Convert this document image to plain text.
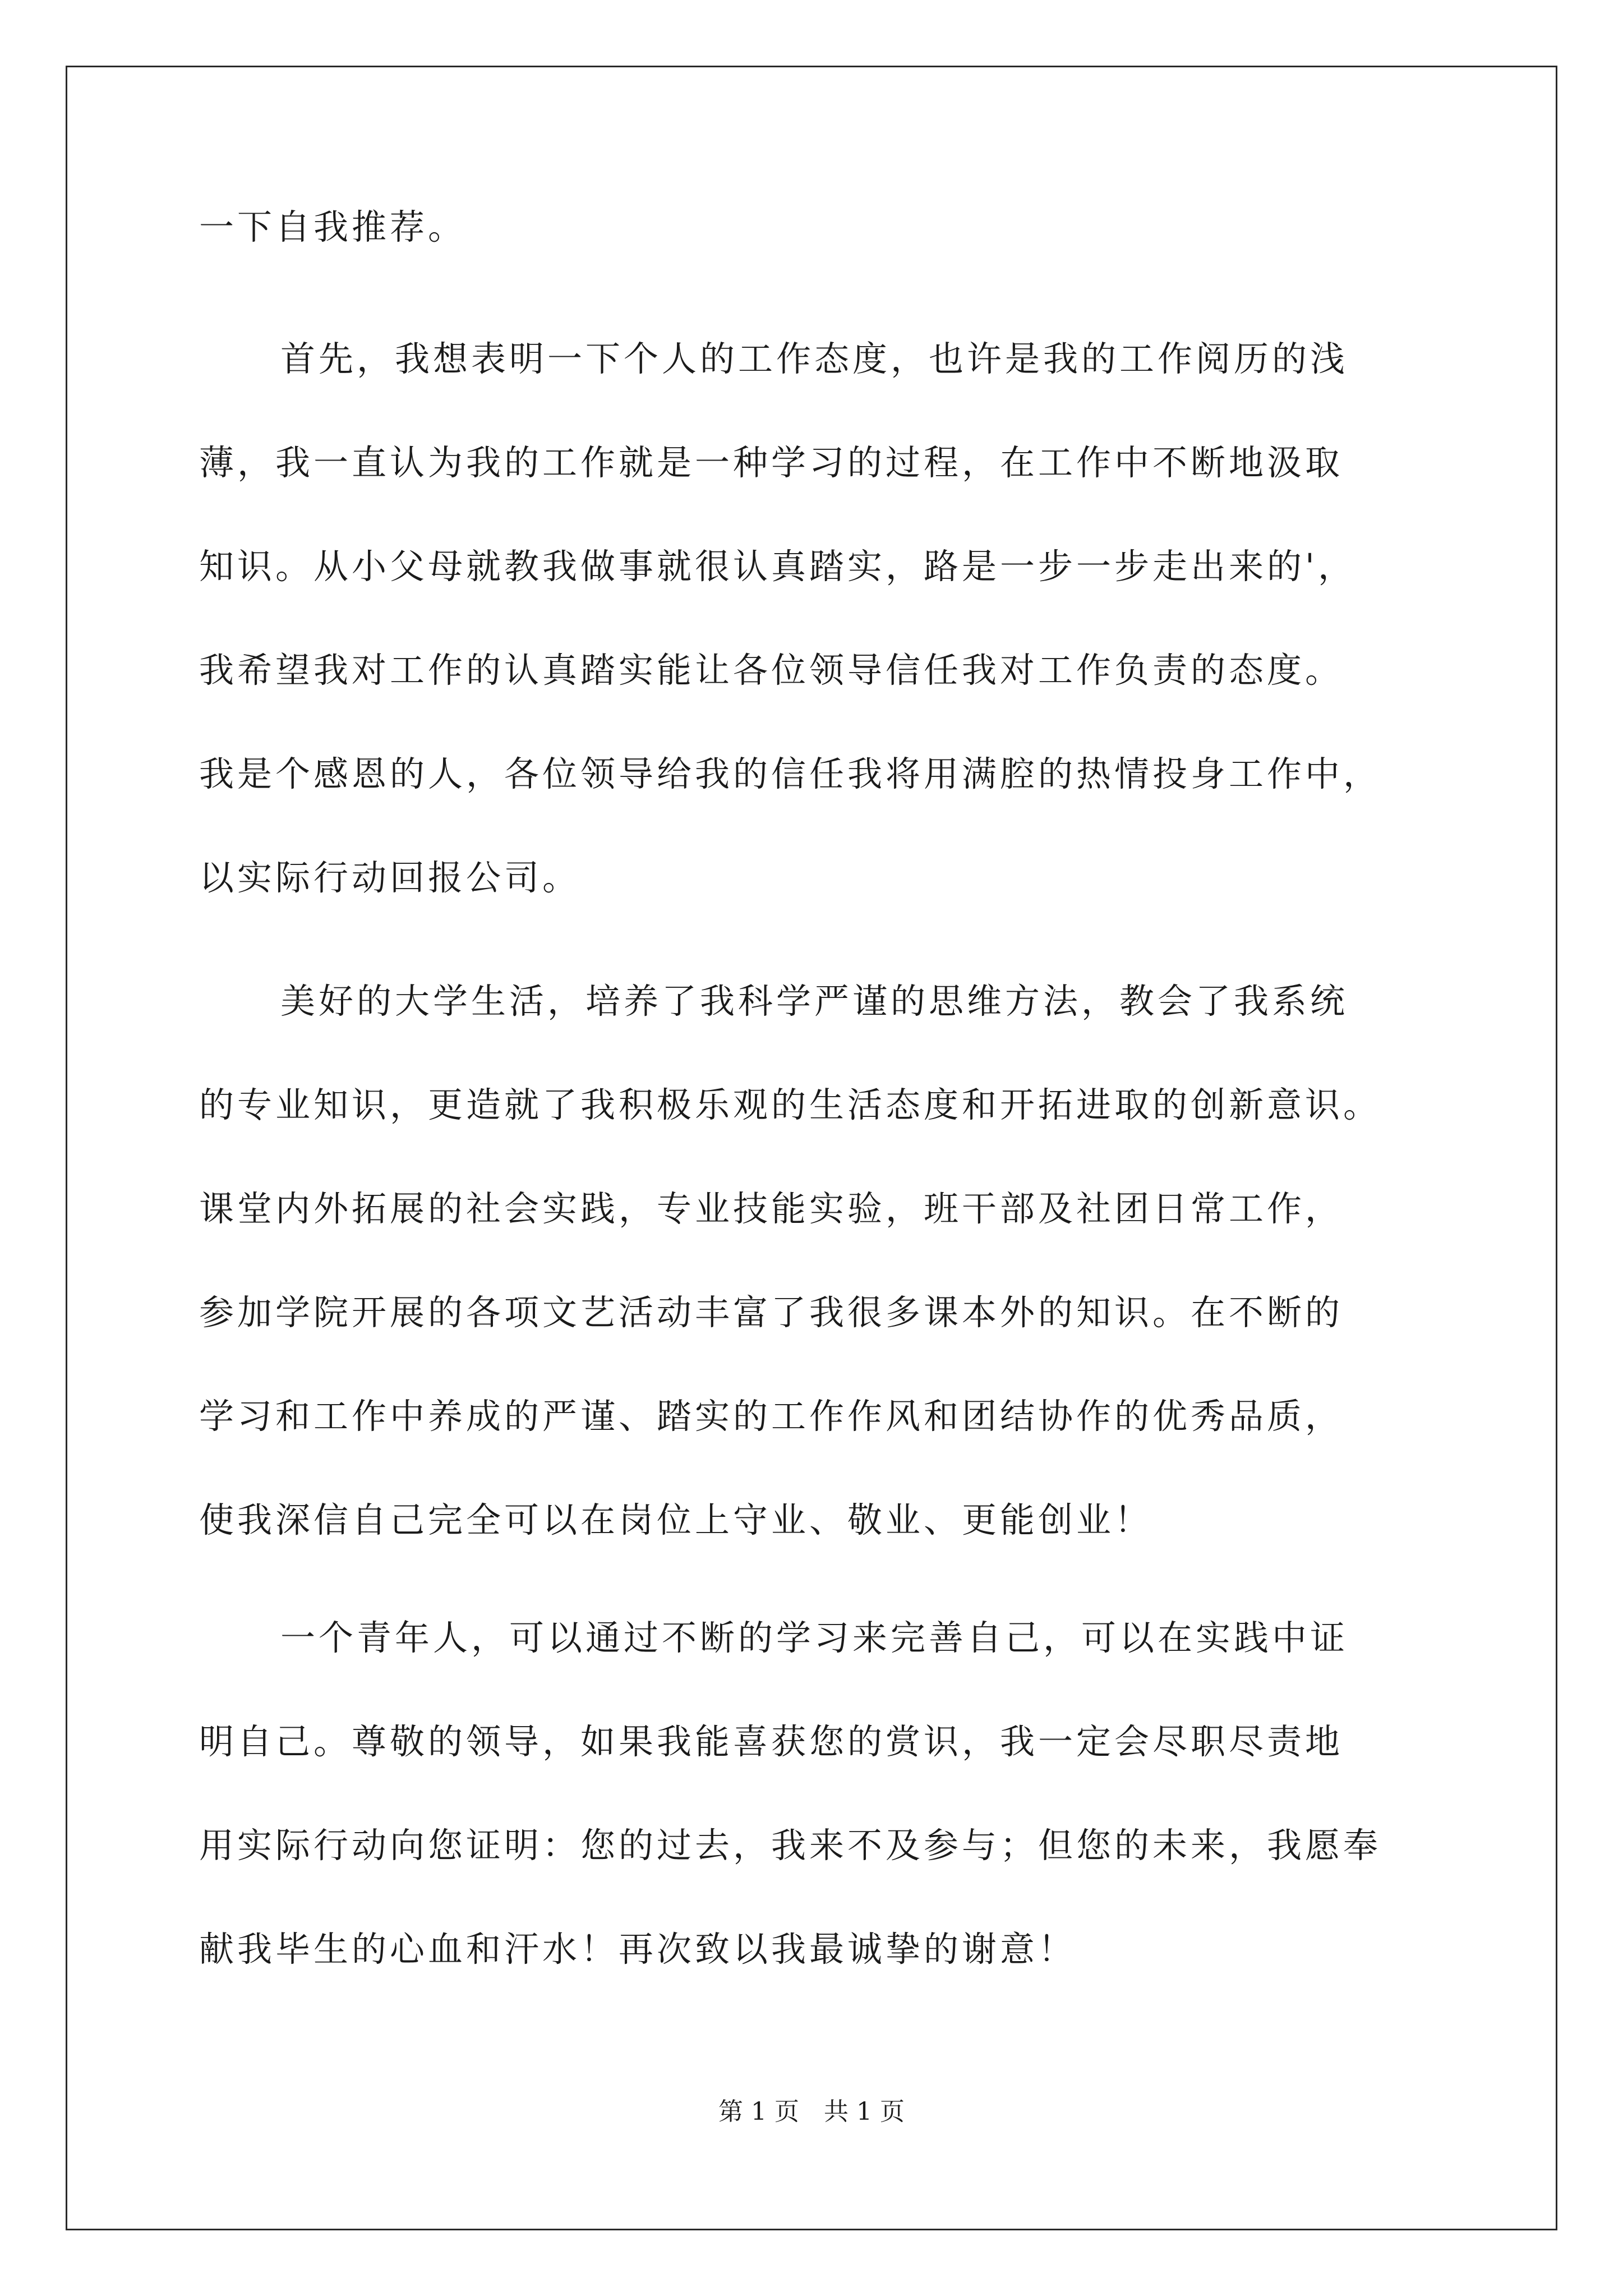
一下自我推荐。
首先，我想表明一下个人的工作态度，也许是我的工作阅历的浅
薄，我一直认为我的工作就是一种学习的过程，在工作中不断地汲取
知识。从小父母就教我做事就很认真踏实，路是一步一步走出来的'，
我希望我对工作的认真踏实能让各位领导信任我对工作负责的态度。
我是个感恩的人，各位领导给我的信任我将用满腔的热情投身工作中，
以实际行动回报公司。
美好的大学生活，培养了我科学严谨的思维方法，教会了我系统
的专业知识，更造就了我积极乐观的生活态度和开拓进取的创新意识。
课堂内外拓展的社会实践，专业技能实验，班干部及社团日常工作，
参加学院开展的各项文艺活动丰富了我很多课本外的知识。在不断的
学习和工作中养成的严谨、踏实的工作作风和团结协作的优秀品质，
使我深信自己完全可以在岗位上守业、敬业、更能创业！
一个青年人，可以通过不断的学习来完善自己，可以在实践中证
明自己。尊敬的领导，如果我能喜获您的赏识，我一定会尽职尽责地
用实际行动向您证明：您的过去，我来不及参与；但您的未来，我愿奉
献我毕生的心血和汗水！再次致以我最诚挚的谢意！
第 1 页　共 1 页
